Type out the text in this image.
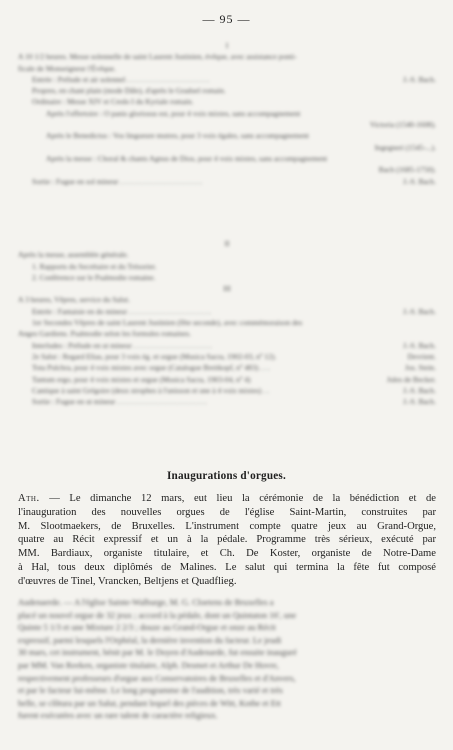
— 95 —
I
A 10 1/2 heures. Messe solennelle de saint Laurent Justinien, évêque, avec assistance ponti-
ficale de Monseigneur l'Évêque.
Entrée : Prélude et air solennel . . . . . . . . . . . . . . . . . . . . . .	J.-S. Bach.
Propres, en chant plain (mode Dâle), d'après le Graduel romain.
Ordinaire : Messe XIV et Credo I du Kyriale romain.
Après l'offertoire : O panis gloriosus est, pour 4 voix mixtes, sans accompagnement
Victoria (1540-1608).
Après le Benedictus : Vos lingueure mutres, pour 3 voix égales, sans accompagnement
Ingegneri (1545-...).
Après la messe : Choral & chants Agnus de Dios, pour 4 voix mixtes, sans accompagnement
Bach (1685-1750).
Sortie : Fugue en sol mineur . . . . . . . . . . . . . . . . . . . . . .	J.-S. Bach.
II
Après la messe, assemblée générale.
1. Rapports du Secrétaire et du Trésorier.
2. Conférence sur le Psalmodie romaine.
III
A 3 heures, Vêpres, service du Salut.
Entrée : Fantaisie en do mineur . . . . . . . . . . . . . . . . . . . . . .	J.-S. Bach.
1er Secondes Vêpres de saint Laurent Justinien (fête seconde), avec commémoraison des
Anges Gardiens. Psalmodie selon les formules romaines.
Interludes : Prélude en ut mineur . . . . . . . . . . . . . . . . . . . . .	J.-S. Bach.
2e Salut : Regard Elias, pour 3 voix ég. et orgue (Musica Sacra, 1902-03, nº 12).	Devrient.
Tota Pulchra, pour 4 voix mixtes avec orgue (Catalogue Breitkopf, nº 483) . . .	Jos. Stein.
Tantum ergo, pour 4 voix mixtes et orgue (Musica Sacra, 1903-04, nº 4)	Jules de Becker.
Cantique à saint Grégoire (deux strophes à l'unisson et une à 4 voix mixtes) . .	J.-S. Bach.
Sortie : Fugue en ut mineur . . . . . . . . . . . . . . . . . . . . . . . .	J.-S. Bach.
Inaugurations d'orgues.
Ath. — Le dimanche 12 mars, eut lieu la cérémonie de la bénédiction et de
l'inauguration des nouvelles orgues de l'église Saint-Martin, construites par
M. Slootmaekers, de Bruxelles. L'instrument compte quatre jeux au Grand-Orgue,
quatre au Récit expressif et un à la pédale. Programme très sérieux, exécuté par
MM. Bardiaux, organiste titulaire, et Ch. De Koster, organiste de Notre-Dame
à Hal, tous deux diplômés de Malines. Le salut qui termina la fête fut composé
d'œuvres de Tinel, Vrancken, Beltjens et Quadflieg.
Audenaerde. — A l'église Sainte-Walburge, M. G. Cloetens de Bruxelles a
placé un nouvel orgue de 32 jeux ; accord à la pédale, dont un Quintaton 16', une
Quinte 5 1/3 et une Mixture 2 2/3 ; douze au Grand-Orgue et onze au Récit
expressif, parmi lesquels l'Orphéal, la dernière invention du facteur. Le jeudi
30 mars, cet instrument, bénit par M. le Doyen d'Audenarde, fut ensuite inauguré
par MM. Van Reeken, organiste titulaire, Alph. Desmet et Arthur De Hovre,
respectivement professeurs d'orgue aux Conservatoires de Bruxelles et d'Anvers,
et par le facteur lui-même. Le long programme de l'audition, très varié et très
belle, se clôtura par un Salut, pendant lequel des pièces de Witt, Kothe et Ett
furent exécutées avec un rare talent de caractère religieux.
